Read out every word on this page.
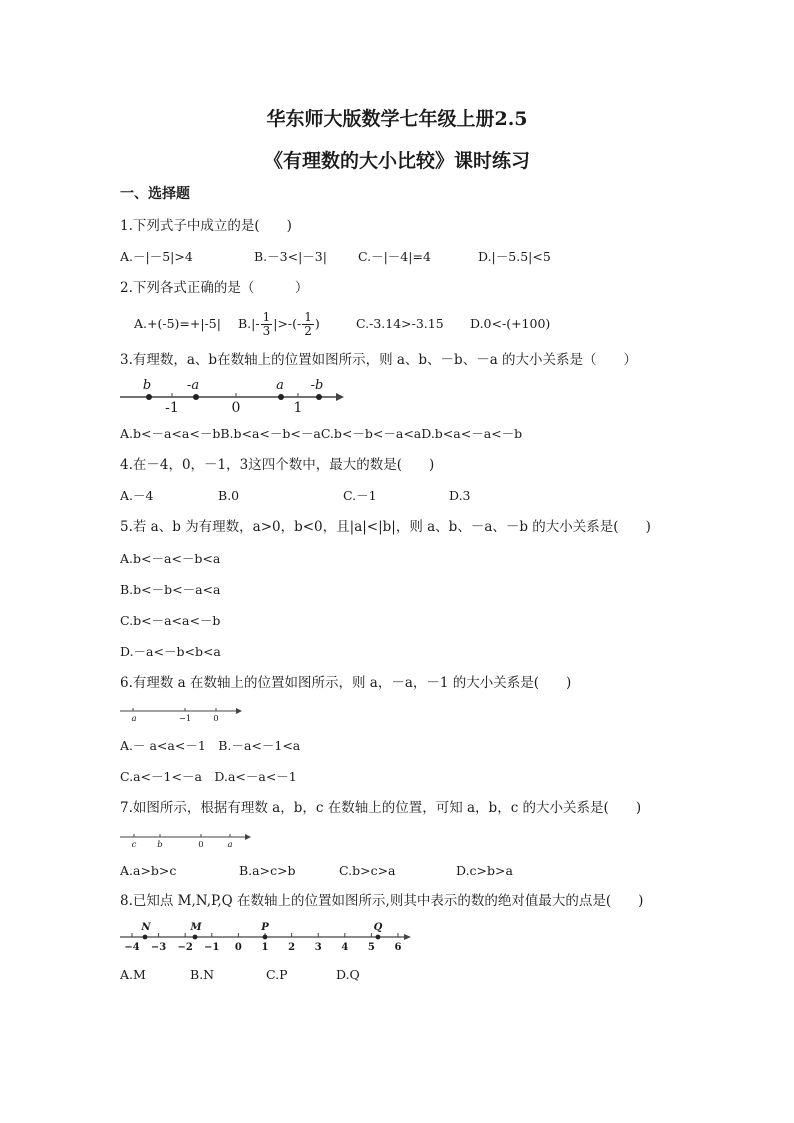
华东师大版数学七年级上册2.5
《有理数的大小比较》课时练习
一、选择题
1.下列式子中成立的是(　　)
A.－|－5|>4	B.－3<|－3| C.－|－4|=4	D.|－5.5|<5
2.下列各式正确的是（　　　）
A.+(-5)=+|-5| $B.|- \frac{1}{3}$ |>-(- $\frac{1}{2}$ )	C.-3.14>-3.15 D.0<-(+100)
3.有理数，a、b在数轴上的位置如图所示，则 a、b、－b、－a 的大小关系是（　　）
b	-a	a -b
-1	0	1
A.b<－a<a<－bB.b<a<－b<－aC.b<－b<－a<aD.b<a<－a<－b
4.在－4，0，－1，3这四个数中，最大的数是(　　)
A.－4	B.0	C.－1	D.3
5.若 a、b 为有理数，a>0，b<0，且|a|<|b|，则 a、b、－a、－b 的大小关系是(　　)
A.b<－a<－b<a
B.b<－b<－a<a
C.b<－a<a<－b
D.－a<－b<b<a
6.有理数 a 在数轴上的位置如图所示，则 a，－a，－1 的大小关系是(　　)
a	−1	0
A.－ a<a<－1　B.－a<－1<a
C.a<－1<－a　D.a<－a<－1
7.如图所示，根据有理数 a，b，c 在数轴上的位置，可知 a，b，c 的大小关系是(　　)
c b	0	a
A.a>b>c	B.a>c>b	C.b>c>a	D.c>b>a
8.已知点 M,N,P,Q 在数轴上的位置如图所示,则其中表示的数的绝对值最大的点是(　　)
−4 −3 −2 −1 0 1 2 3 4 5 6
N	M	P	Q
A.M	B.N	C.P	D.Q
